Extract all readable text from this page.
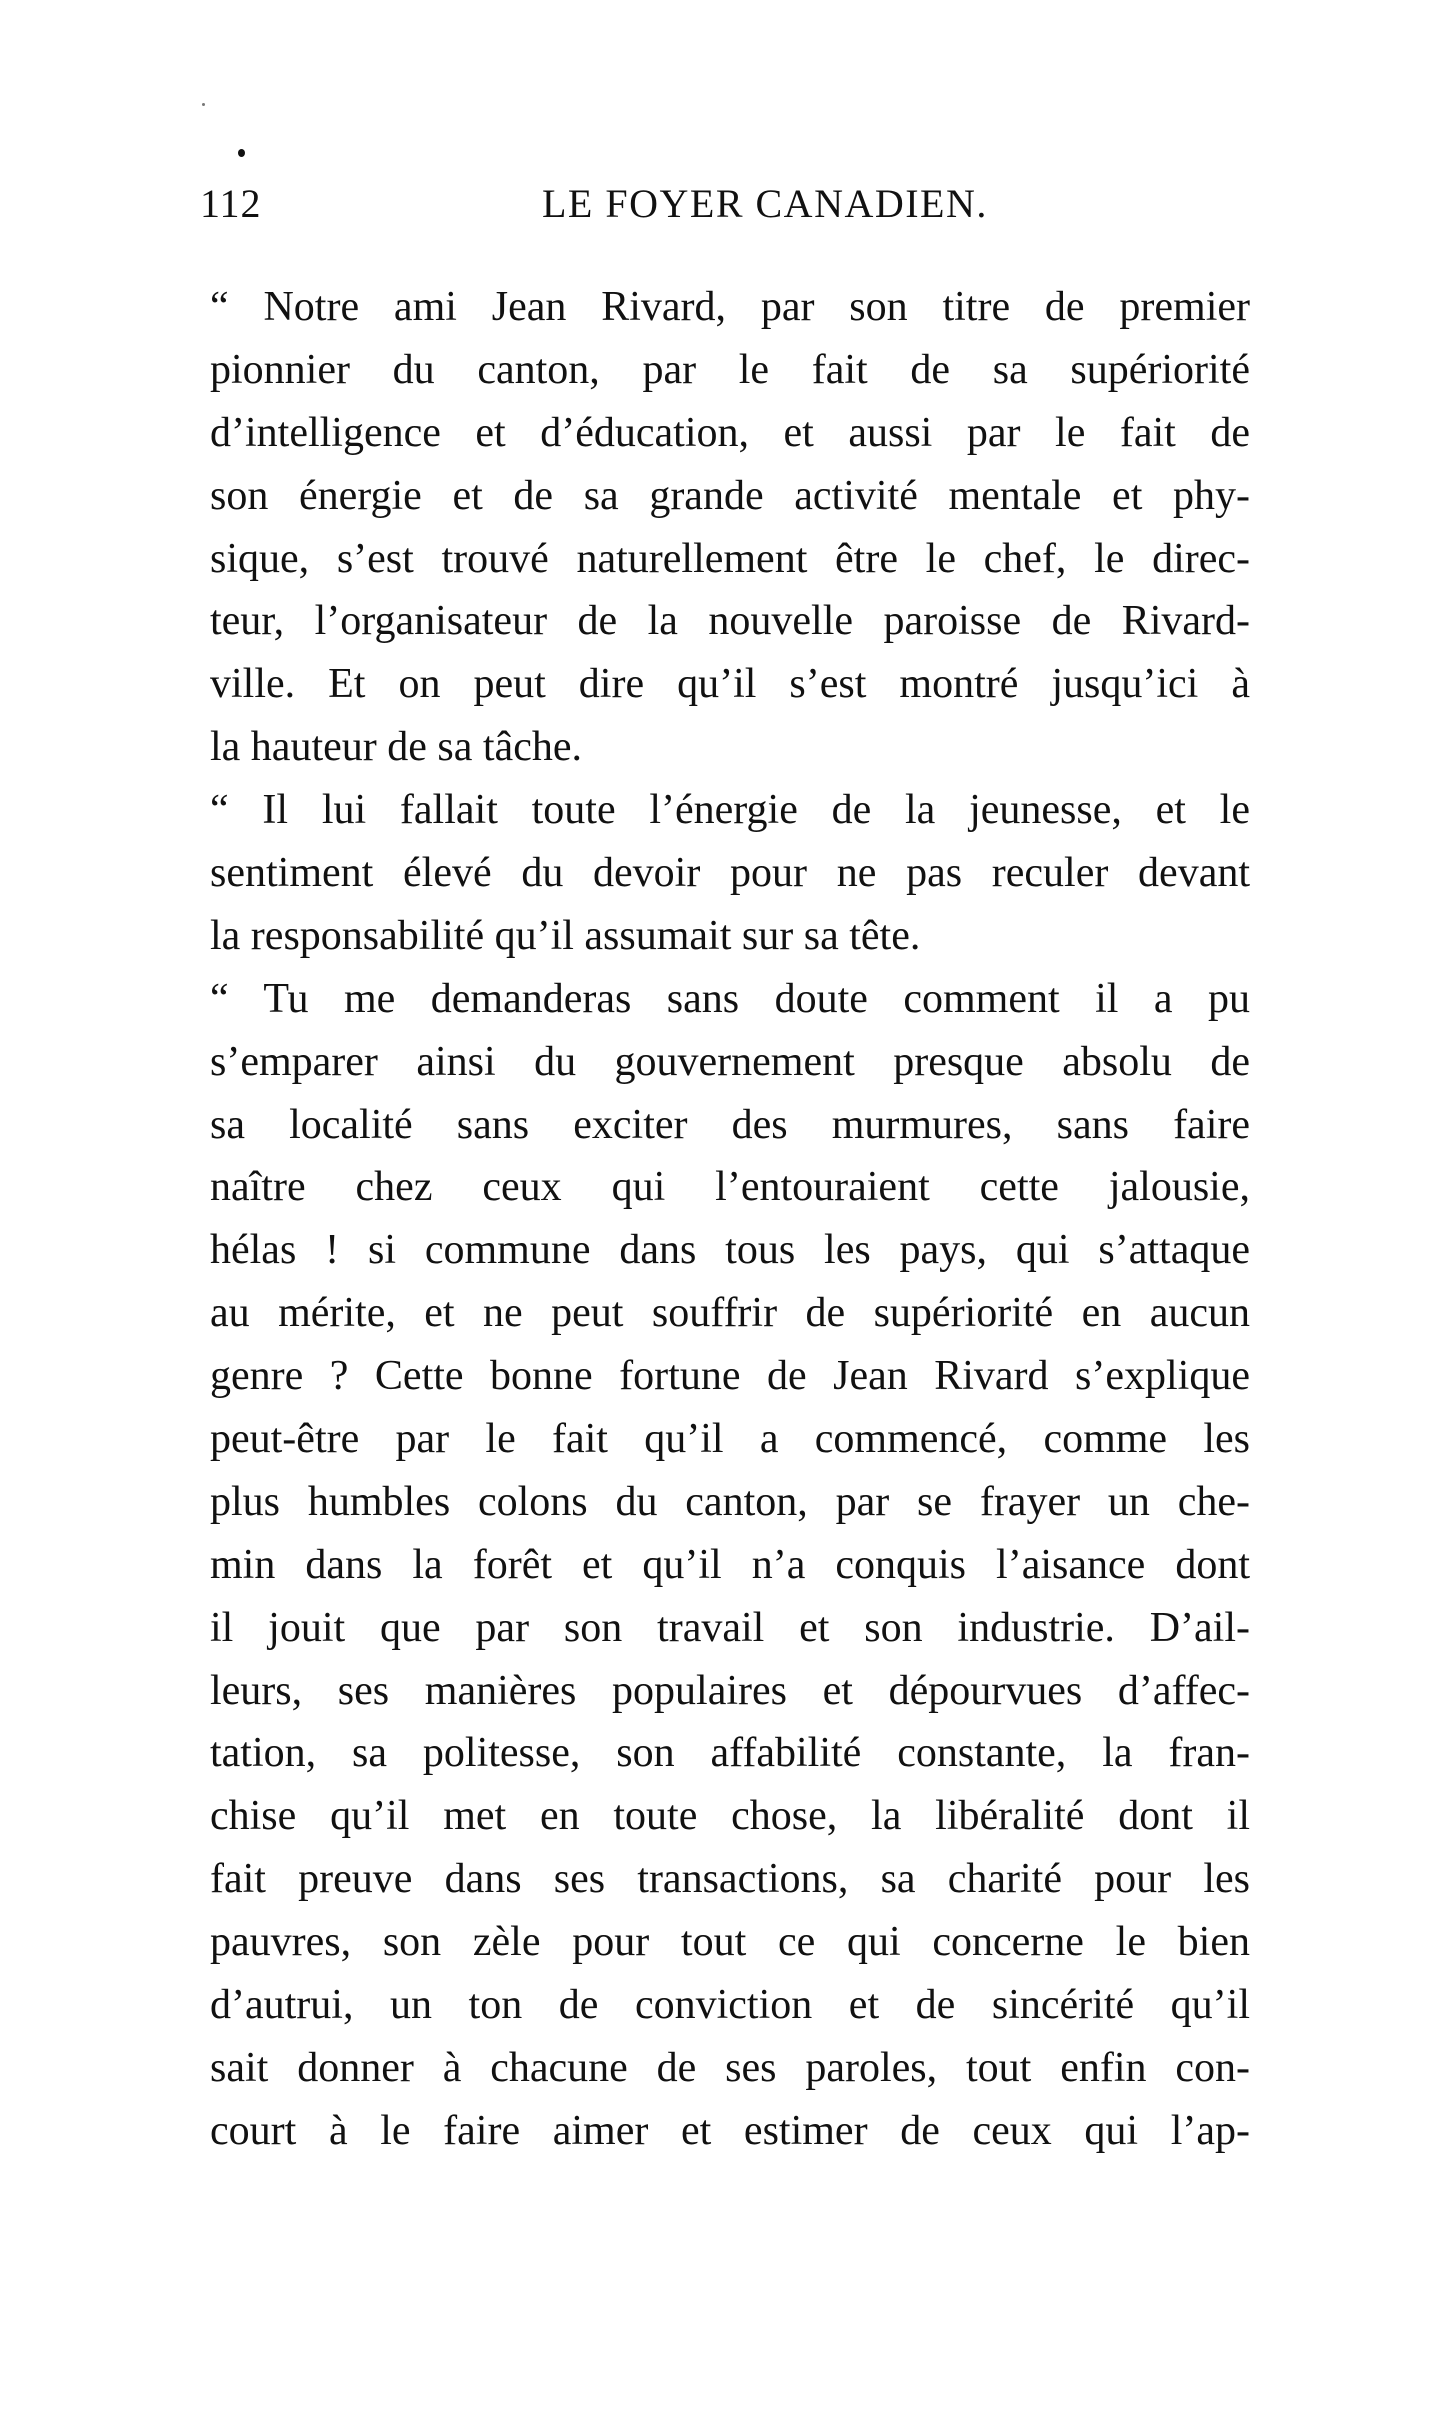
112	LE FOYER CANADIEN.
“ Notre ami Jean Rivard, par son titre de premier
pionnier du canton, par le fait de sa supériorité
d’intelligence et d’éducation, et aussi par le fait de
son énergie et de sa grande activité mentale et phy-
sique, s’est trouvé naturellement être le chef, le direc-
teur, l’organisateur de la nouvelle paroisse de Rivard-
ville. Et on peut dire qu’il s’est montré jusqu’ici à
la hauteur de sa tâche.
“ Il lui fallait toute l’énergie de la jeunesse, et le
sentiment élevé du devoir pour ne pas reculer devant
la responsabilité qu’il assumait sur sa tête.
“ Tu me demanderas sans doute comment il a pu
s’emparer ainsi du gouvernement presque absolu de
sa localité sans exciter des murmures, sans faire
naître chez ceux qui l’entouraient cette jalousie,
hélas ! si commune dans tous les pays, qui s’attaque
au mérite, et ne peut souffrir de supériorité en aucun
genre ? Cette bonne fortune de Jean Rivard s’explique
peut-être par le fait qu’il a commencé, comme les
plus humbles colons du canton, par se frayer un che-
min dans la forêt et qu’il n’a conquis l’aisance dont
il jouit que par son travail et son industrie. D’ail-
leurs, ses manières populaires et dépourvues d’affec-
tation, sa politesse, son affabilité constante, la fran-
chise qu’il met en toute chose, la libéralité dont il
fait preuve dans ses transactions, sa charité pour les
pauvres, son zèle pour tout ce qui concerne le bien
d’autrui, un ton de conviction et de sincérité qu’il
sait donner à chacune de ses paroles, tout enfin con-
court à le faire aimer et estimer de ceux qui l’ap-
